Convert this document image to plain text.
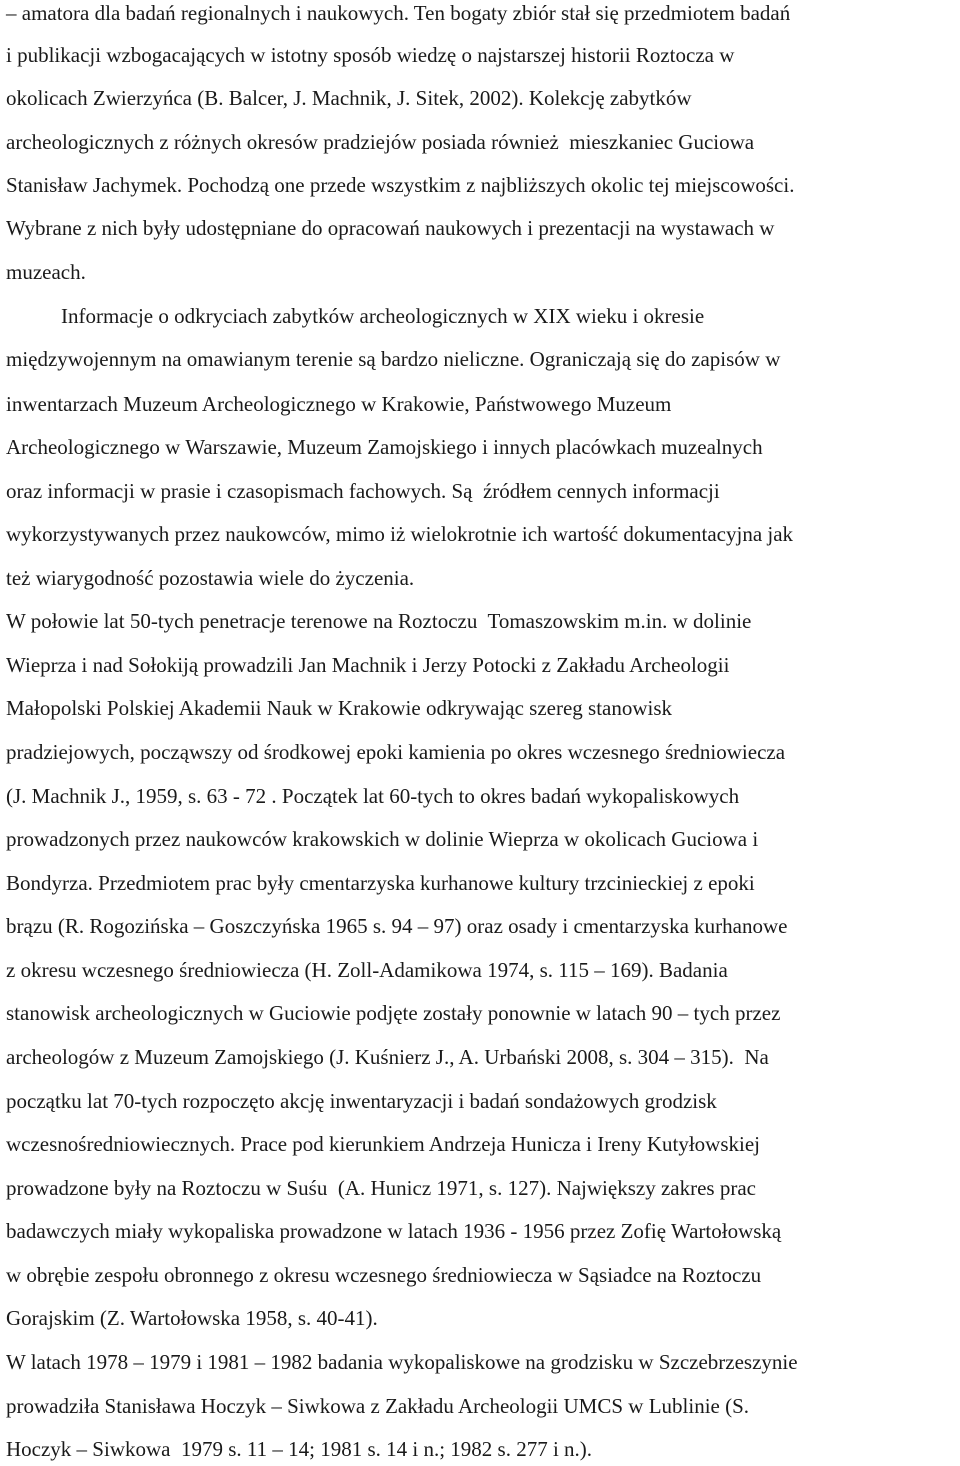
– amatora dla badań regionalnych i naukowych. Ten bogaty zbiór stał się przedmiotem badań
i publikacji wzbogacających w istotny sposób wiedzę o najstarszej historii Roztocza w
okolicach Zwierzyńca (B. Balcer, J. Machnik, J. Sitek, 2002). Kolekcję zabytków
archeologicznych z różnych okresów pradziejów posiada również  mieszkaniec Guciowa
Stanisław Jachymek. Pochodzą one przede wszystkim z najbliższych okolic tej miejscowości.
Wybrane z nich były udostępniane do opracowań naukowych i prezentacji na wystawach w
muzeach.
Informacje o odkryciach zabytków archeologicznych w XIX wieku i okresie
międzywojennym na omawianym terenie są bardzo nieliczne. Ograniczają się do zapisów w
inwentarzach Muzeum Archeologicznego w Krakowie, Państwowego Muzeum
Archeologicznego w Warszawie, Muzeum Zamojskiego i innych placówkach muzealnych
oraz informacji w prasie i czasopismach fachowych. Są  źródłem cennych informacji
wykorzystywanych przez naukowców, mimo iż wielokrotnie ich wartość dokumentacyjna jak
też wiarygodność pozostawia wiele do życzenia.
W połowie lat 50-tych penetracje terenowe na Roztoczu  Tomaszowskim m.in. w dolinie
Wieprza i nad Sołokiją prowadzili Jan Machnik i Jerzy Potocki z Zakładu Archeologii
Małopolski Polskiej Akademii Nauk w Krakowie odkrywając szereg stanowisk
pradziejowych, począwszy od środkowej epoki kamienia po okres wczesnego średniowiecza
(J. Machnik J., 1959, s. 63 - 72 . Początek lat 60-tych to okres badań wykopaliskowych
prowadzonych przez naukowców krakowskich w dolinie Wieprza w okolicach Guciowa i
Bondyrza. Przedmiotem prac były cmentarzyska kurhanowe kultury trzcinieckiej z epoki
brązu (R. Rogozińska – Goszczyńska 1965 s. 94 – 97) oraz osady i cmentarzyska kurhanowe
z okresu wczesnego średniowiecza (H. Zoll-Adamikowa 1974, s. 115 – 169). Badania
stanowisk archeologicznych w Guciowie podjęte zostały ponownie w latach 90 – tych przez
archeologów z Muzeum Zamojskiego (J. Kuśnierz J., A. Urbański 2008, s. 304 – 315).  Na
początku lat 70-tych rozpoczęto akcję inwentaryzacji i badań sondażowych grodzisk
wczesnośredniowiecznych. Prace pod kierunkiem Andrzeja Hunicza i Ireny Kutyłowskiej
prowadzone były na Roztoczu w Suśu  (A. Hunicz 1971, s. 127). Największy zakres prac
badawczych miały wykopaliska prowadzone w latach 1936 - 1956 przez Zofię Wartołowską
w obrębie zespołu obronnego z okresu wczesnego średniowiecza w Sąsiadce na Roztoczu
Gorajskim (Z. Wartołowska 1958, s. 40-41).
W latach 1978 – 1979 i 1981 – 1982 badania wykopaliskowe na grodzisku w Szczebrzeszynie
prowadziła Stanisława Hoczyk – Siwkowa z Zakładu Archeologii UMCS w Lublinie (S.
Hoczyk – Siwkowa  1979 s. 11 – 14; 1981 s. 14 i n.; 1982 s. 277 i n.).
